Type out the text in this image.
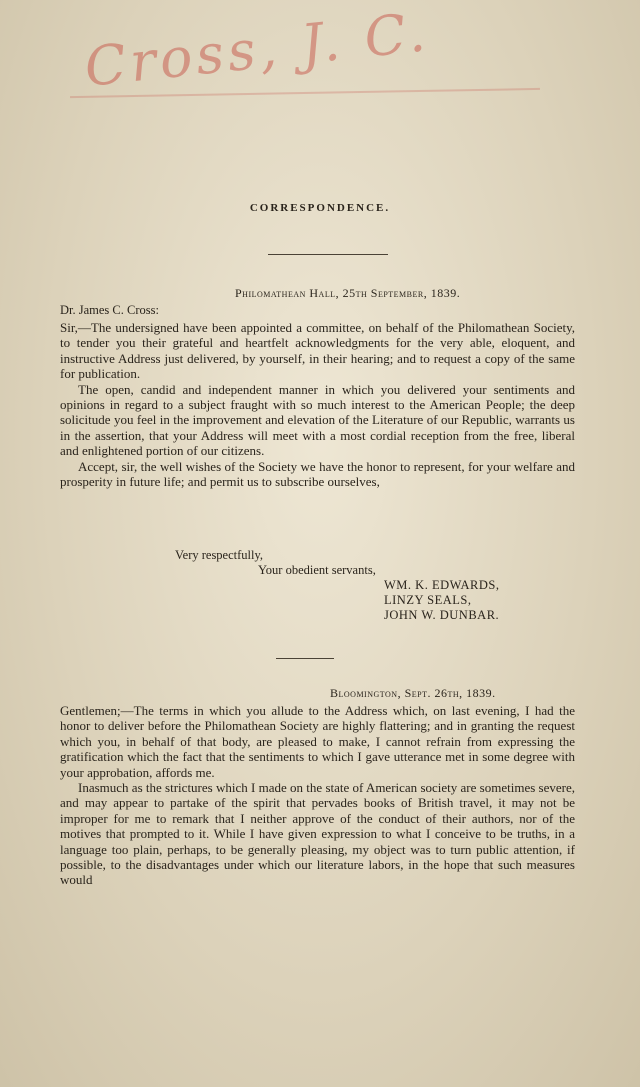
Cross, J. C.
CORRESPONDENCE.
Philomathean Hall, 25th September, 1839.
Dr. James C. Cross:

Sir,—The undersigned have been appointed a committee, on behalf of the Philomathean Society, to tender you their grateful and heartfelt acknowledgments for the very able, eloquent, and instructive Address just delivered, by yourself, in their hearing; and to request a copy of the same for publication.

The open, candid and independent manner in which you delivered your sentiments and opinions in regard to a subject fraught with so much interest to the American People; the deep solicitude you feel in the improvement and elevation of the Literature of our Republic, warrants us in the assertion, that your Address will meet with a most cordial reception from the free, liberal and enlightened portion of our citizens.

Accept, sir, the well wishes of the Society we have the honor to represent, for your welfare and prosperity in future life; and permit us to subscribe ourselves,

Very respectfully,
Your obedient servants,
WM. K. EDWARDS,
LINZY SEALS,
JOHN W. DUNBAR.
Bloomington, Sept. 26th, 1839.

Gentlemen;—The terms in which you allude to the Address which, on last evening, I had the honor to deliver before the Philomathean Society are highly flattering; and in granting the request which you, in behalf of that body, are pleased to make, I cannot refrain from expressing the gratification which the fact that the sentiments to which I gave utterance met in some degree with your approbation, affords me.

Inasmuch as the strictures which I made on the state of American society are sometimes severe, and may appear to partake of the spirit that pervades books of British travel, it may not be improper for me to remark that I neither approve of the conduct of their authors, nor of the motives that prompted to it. While I have given expression to what I conceive to be truths, in a language too plain, perhaps, to be generally pleasing, my object was to turn public attention, if possible, to the disadvantages under which our literature labors, in the hope that such measures would
